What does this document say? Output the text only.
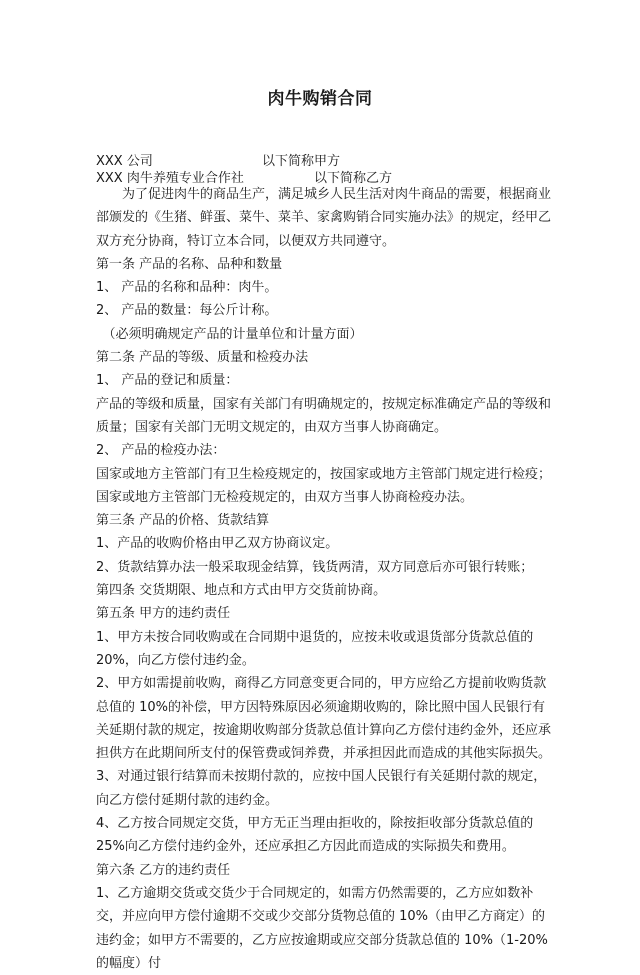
肉牛购销合同
XXX 公司	以下简称甲方
XXX 肉牛养殖专业合作社	以下简称乙方

为了促进肉牛的商品生产，满足城乡人民生活对肉牛商品的需要，根据商业部颁发的《生猪、鲜蛋、菜牛、菜羊、家禽购销合同实施办法》的规定，经甲乙双方充分协商，特订立本合同，以便双方共同遵守。

第一条 产品的名称、品种和数量

1、 产品的名称和品种：肉牛。

2、 产品的数量：每公斤计称。

（必须明确规定产品的计量单位和计量方面）

第二条 产品的等级、质量和检疫办法

1、 产品的登记和质量：

产品的等级和质量，国家有关部门有明确规定的，按规定标准确定产品的等级和质量；国家有关部门无明文规定的，由双方当事人协商确定。

2、 产品的检疫办法：

国家或地方主管部门有卫生检疫规定的，按国家或地方主管部门规定进行检疫；国家或地方主管部门无检疫规定的，由双方当事人协商检疫办法。

第三条 产品的价格、货款结算

1、产品的收购价格由甲乙双方协商议定。

2、货款结算办法一般采取现金结算，钱货两清，双方同意后亦可银行转账；

第四条 交货期限、地点和方式由甲方交货前协商。

第五条 甲方的违约责任

1、甲方未按合同收购或在合同期中退货的，应按未收或退货部分货款总值的 20%，向乙方偿付违约金。

2、甲方如需提前收购，商得乙方同意变更合同的，甲方应给乙方提前收购货款总值的 10%的补偿，甲方因特殊原因必须逾期收购的，除比照中国人民银行有关延期付款的规定，按逾期收购部分货款总值计算向乙方偿付违约金外，还应承担供方在此期间所支付的保管费或饲养费，并承担因此而造成的其他实际损失。

3、对通过银行结算而未按期付款的，应按中国人民银行有关延期付款的规定，向乙方偿付延期付款的违约金。

4、乙方按合同规定交货，甲方无正当理由拒收的，除按拒收部分货款总值的 25%向乙方偿付违约金外，还应承担乙方因此而造成的实际损失和费用。

第六条 乙方的违约责任

1、乙方逾期交货或交货少于合同规定的，如需方仍然需要的，乙方应如数补交，并应向甲方偿付逾期不交或少交部分货物总值的 10%（由甲乙方商定）的违约金；如甲方不需要的，乙方应按逾期或应交部分货款总值的 10%（1-20%的幅度）付
